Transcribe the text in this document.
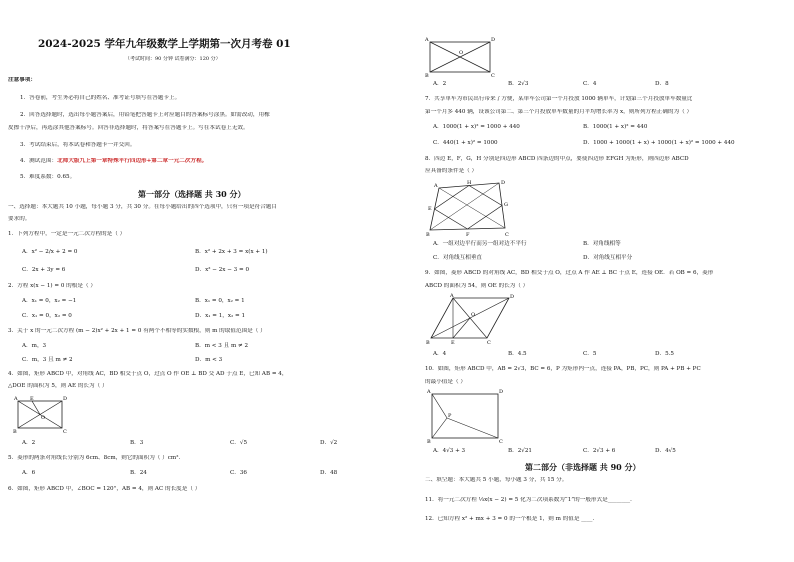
2024-2025 学年九年级数学上学期第一次月考卷 01
（考试时间：90 分钟 试卷满分：120 分）
注意事项：
1．答卷前，考生务必将自己的姓名、准考证号填写在答题卡上。
2．回答选择题时，选出每小题答案后，用铅笔把答题卡上对应题目的答案标号涂黑。如需改动，用橡
皮擦干净后，再选涂其他答案标号。回答非选择题时，将答案写在答题卡上。写在本试卷上无效。
3．考试结束后，将本试卷和答题卡一并交回。
4．测试范围：北师大版九上第一章特殊平行四边形+第二章一元二次方程。
5．难度系数：0.65。
第一部分（选择题 共 30 分）
一、选择题：本大题共 10 小题，每小题 3 分，共 30 分。在每小题给出的四个选项中，只有一项是符合题目
要求的。
1．下列方程中，一定是一元二次方程的是（ ）
A．x² − 2/x + 2 = 0	B．x² + 2x + 3 = x(x + 1)
C．2x + 3y = 6	D．x² − 2x − 3 = 0
2．方程 x(x − 1) = 0 的根是（ ）
A．x₁ = 0，x₂ = −1	B．x₁ = 0，x₂ = 1
C．x₁ = 0，x₂ = 0	D．x₁ = 1，x₂ = 1
3．关于 x 的一元二次方程 (m − 2)x² + 2x + 1 = 0 有两个不相等的实数根，则 m 的取值范围是（ ）
A．m，3	B．m < 3 且 m ≠ 2
C．m，3 且 m ≠ 2	D．m < 3
4．如图，矩形 ABCD 中，对角线 AC，BD 相交于点 O，过点 O 作 OE ⊥ BD 交 AD 于点 E，已知 AB = 4，
△DOE 的面积为 5，则 AE 的长为（ ）
A	D
B	C
O
E
A．2	B．3	C．√5	D．√2
5．菱形的两条对角线长分别为 6cm、8cm，则它的面积为（ ）cm²．
A．6	B．24	C．36	D．48
6．如图，矩形 ABCD 中，∠BOC = 120°，AB = 4，则 AC 的长度是（ ）
A	D
B	C
O
A．2	B．2√3	C．4	D．8
7．共享单车为市民出行带来了方便，某单车公司第一个月投放 1000 辆单车，计划第三个月投放单车数量比
第一个月多 440 辆，设该公司第二、第三个月投放单车数量的月平均增长率为 x，则所列方程正确的为（ ）
A．1000(1 + x)² = 1000 + 440	B．1000(1 + x)² = 440
C．440(1 + x)² = 1000	D．1000 + 1000(1 + x) + 1000(1 + x)² = 1000 + 440
8．四边 E，F，G，H 分别是四边形 ABCD 四条边的中点，要使四边形 EFGH 为矩形，则四边形 ABCD
应具备的条件是（ ）
A	H	D
E
G
B	F	C
A．一组对边平行而另一组对边不平行	B．对角线相等
C．对角线互相垂直	D．对角线互相平分
9．如图，菱形 ABCD 的对角线 AC，BD 相交于点 O，过点 A 作 AE ⊥ BC 于点 E，连接 OE．若 OB = 6，菱形
ABCD 的面积为 54，则 OE 的长为（ ）
A	D
O
B	E	C
A．4	B．4.5	C．5	D．5.5
10．如图，矩形 ABCD 中，AB = 2√3，BC = 6，P 为矩形内一点，连接 PA，PB，PC，则 PA + PB + PC
的最小值是（ ）
A	D
P
B	C
A．4√3 + 3	B．2√21	C．2√3 + 6	D．4√5
第二部分（非选择题 共 90 分）
二、填空题：本大题共 5 小题，每小题 3 分，共 15 分。
11．将一元二次方程 ⅓x(x − 2) = 5 化为二次项系数为“1”的一般形式是________．
12．已知方程 x² + mx + 3 = 0 的一个根是 1，则 m 的值是 ____．
